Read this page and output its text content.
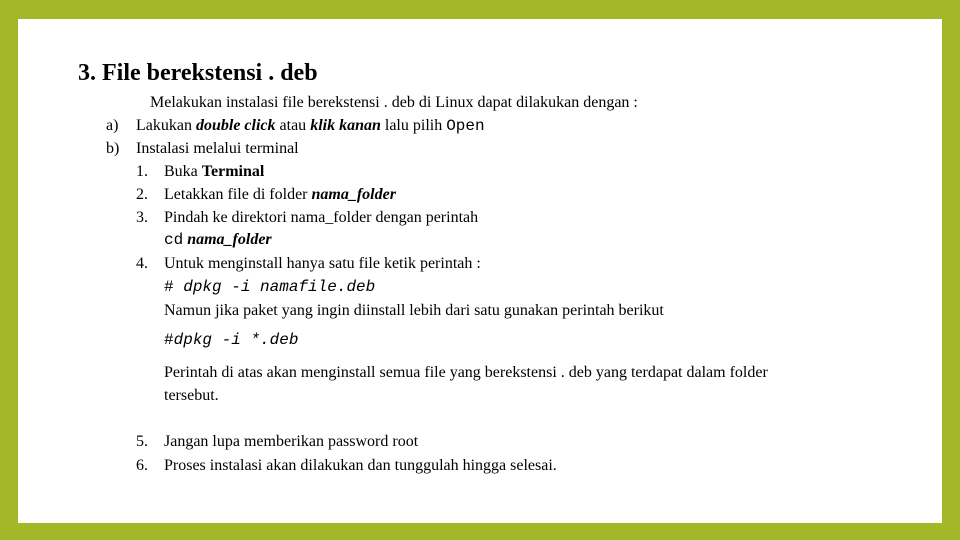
3. File berekstensi . deb
Melakukan instalasi file berekstensi . deb di Linux dapat dilakukan dengan :
a) Lakukan double click atau klik kanan lalu pilih Open
b) Instalasi melalui terminal
1. Buka Terminal
2. Letakkan file di folder nama_folder
3. Pindah ke direktori nama_folder dengan perintah
cd nama_folder
4. Untuk menginstall hanya satu file ketik perintah :
# dpkg -i namafile.deb
Namun jika paket yang ingin diinstall lebih dari satu gunakan perintah berikut
#dpkg -i *.deb
Perintah di atas akan menginstall semua file yang berekstensi . deb yang terdapat dalam folder
tersebut.
5. Jangan lupa memberikan password root
6. Proses instalasi akan dilakukan dan tunggulah hingga selesai.
